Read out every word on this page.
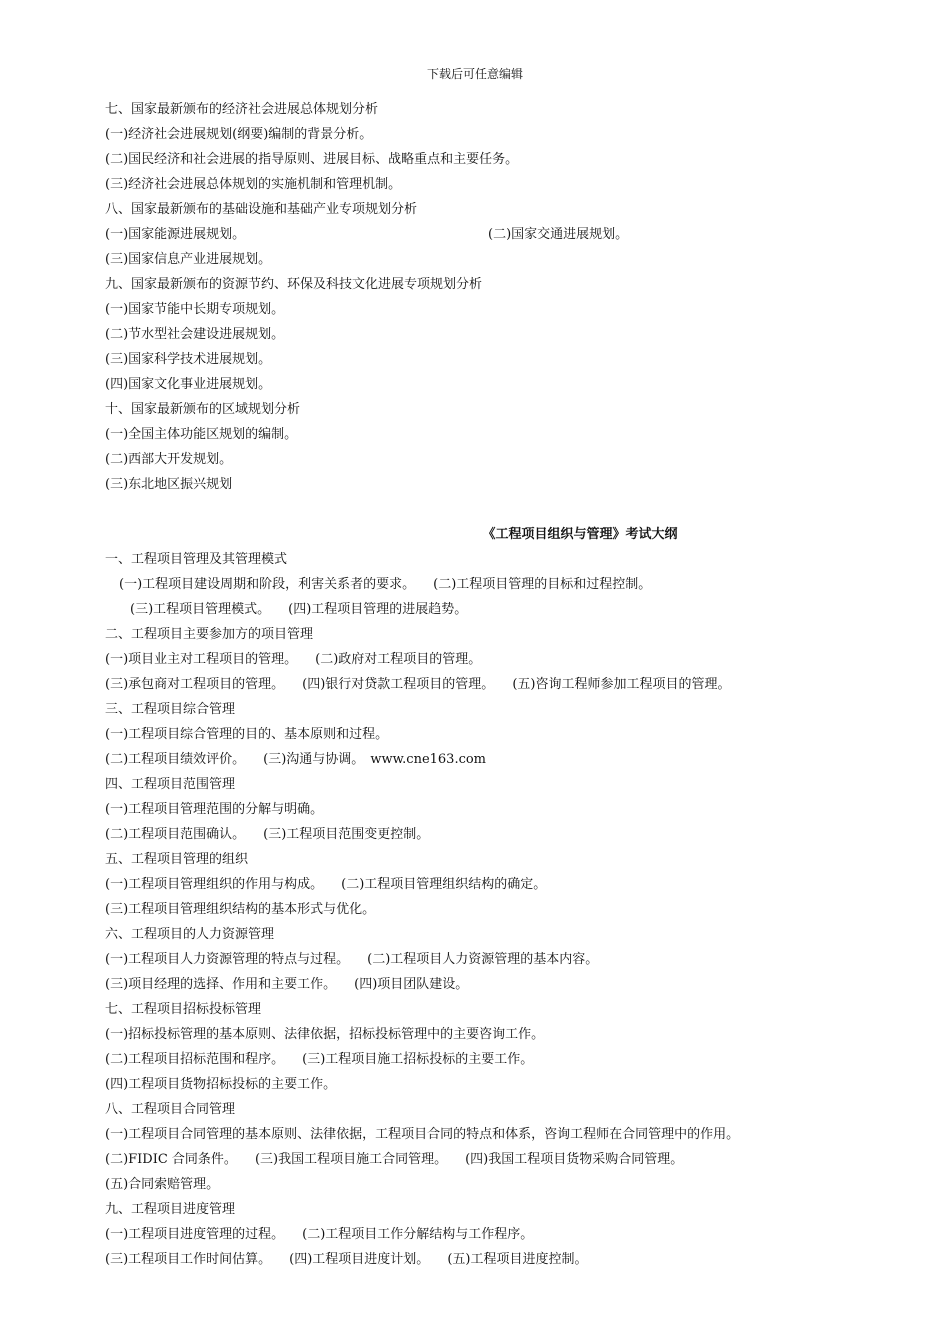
下载后可任意编辑
七、国家最新颁布的经济社会进展总体规划分析
(一)经济社会进展规划(纲要)编制的背景分析。
(二)国民经济和社会进展的指导原则、进展目标、战略重点和主要任务。
(三)经济社会进展总体规划的实施机制和管理机制。
八、国家最新颁布的基础设施和基础产业专项规划分析
(一)国家能源进展规划。	(二)国家交通进展规划。
(三)国家信息产业进展规划。
九、国家最新颁布的资源节约、环保及科技文化进展专项规划分析
(一)国家节能中长期专项规划。
(二)节水型社会建设进展规划。
(三)国家科学技术进展规划。
(四)国家文化事业进展规划。
十、国家最新颁布的区域规划分析
(一)全国主体功能区规划的编制。
(二)西部大开发规划。
(三)东北地区振兴规划
《工程项目组织与管理》考试大纲
一、工程项目管理及其管理模式
(一)工程项目建设周期和阶段，利害关系者的要求。 (二)工程项目管理的目标和过程控制。
(三)工程项目管理模式。 (四)工程项目管理的进展趋势。
二、工程项目主要参加方的项目管理
(一)项目业主对工程项目的管理。 (二)政府对工程项目的管理。
(三)承包商对工程项目的管理。 (四)银行对贷款工程项目的管理。 (五)咨询工程师参加工程项目的管理。
三、工程项目综合管理
(一)工程项目综合管理的目的、基本原则和过程。
(二)工程项目绩效评价。 (三)沟通与协调。 www.cne163.com
四、工程项目范围管理
(一)工程项目管理范围的分解与明确。
(二)工程项目范围确认。 (三)工程项目范围变更控制。
五、工程项目管理的组织
(一)工程项目管理组织的作用与构成。 (二)工程项目管理组织结构的确定。
(三)工程项目管理组织结构的基本形式与优化。
六、工程项目的人力资源管理
(一)工程项目人力资源管理的特点与过程。 (二)工程项目人力资源管理的基本内容。
(三)项目经理的选择、作用和主要工作。 (四)项目团队建设。
七、工程项目招标投标管理
(一)招标投标管理的基本原则、法律依据，招标投标管理中的主要咨询工作。
(二)工程项目招标范围和程序。 (三)工程项目施工招标投标的主要工作。
(四)工程项目货物招标投标的主要工作。
八、工程项目合同管理
(一)工程项目合同管理的基本原则、法律依据，工程项目合同的特点和体系，咨询工程师在合同管理中的作用。
(二)FIDIC 合同条件。 (三)我国工程项目施工合同管理。 (四)我国工程项目货物采购合同管理。
(五)合同索赔管理。
九、工程项目进度管理
(一)工程项目进度管理的过程。 (二)工程项目工作分解结构与工作程序。
(三)工程项目工作时间估算。 (四)工程项目进度计划。 (五)工程项目进度控制。
